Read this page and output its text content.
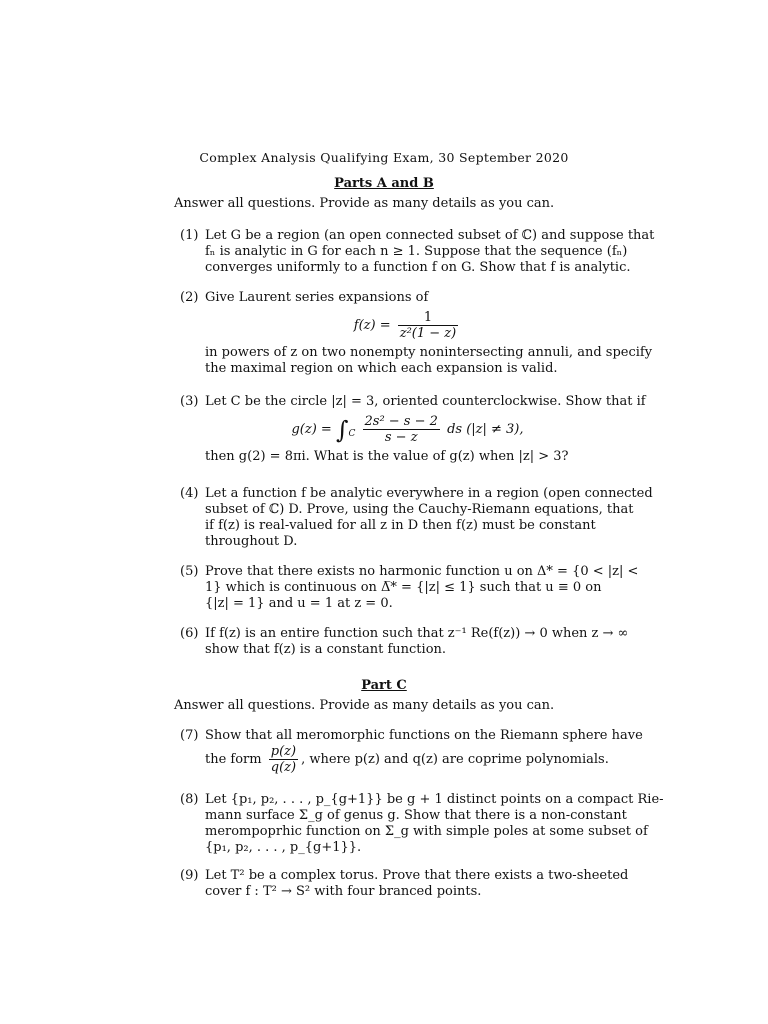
Complex Analysis Qualifying Exam, 30 September 2020
Parts A and B
Answer all questions. Provide as many details as you can.
(1) Let G be a region (an open connected subset of ℂ) and suppose that
fₙ is analytic in G for each n ≥ 1. Suppose that the sequence (fₙ)
converges uniformly to a function f on G. Show that f is analytic.
(2) Give Laurent series expansions of
$f(z) = \frac{1}{\text{z²(1 − z)}}$
in powers of z on two nonempty nonintersecting annuli, and specify
the maximal region on which each expansion is valid.
(3) Let C be the circle |z| = 3, oriented counterclockwise. Show that if
$g(z) = \int_C \frac{\text{2s² − s − 2}}{s - z}$ ds (|z| ≠ 3),
then g(2) = 8πi. What is the value of g(z) when |z| > 3?
(4) Let a function f be analytic everywhere in a region (open connected
subset of ℂ) D. Prove, using the Cauchy-Riemann equations, that
if f(z) is real-valued for all z in D then f(z) must be constant
throughout D.
(5) Prove that there exists no harmonic function u on Δ* = {0 < |z| <
1} which is continuous on Δ̅* = {|z| ≤ 1} such that u ≡ 0 on
{|z| = 1} and u = 1 at z = 0.
(6) If f(z) is an entire function such that z⁻¹ Re(f(z)) → 0 when z → ∞
show that f(z) is a constant function.
Part C
Answer all questions. Provide as many details as you can.
(7) Show that all meromorphic functions on the Riemann sphere have
the form $\frac{p(z)}{q(z)}$ , where p(z) and q(z) are coprime polynomials.
(8) Let {p₁, p₂, . . . , p_{g+1}} be g + 1 distinct points on a compact Rie-
mann surface Σ_g of genus g. Show that there is a non-constant
merompoprhic function on Σ_g with simple poles at some subset of
{p₁, p₂, . . . , p_{g+1}}.
(9) Let T² be a complex torus. Prove that there exists a two-sheeted
cover f : T² → S² with four branced points.
